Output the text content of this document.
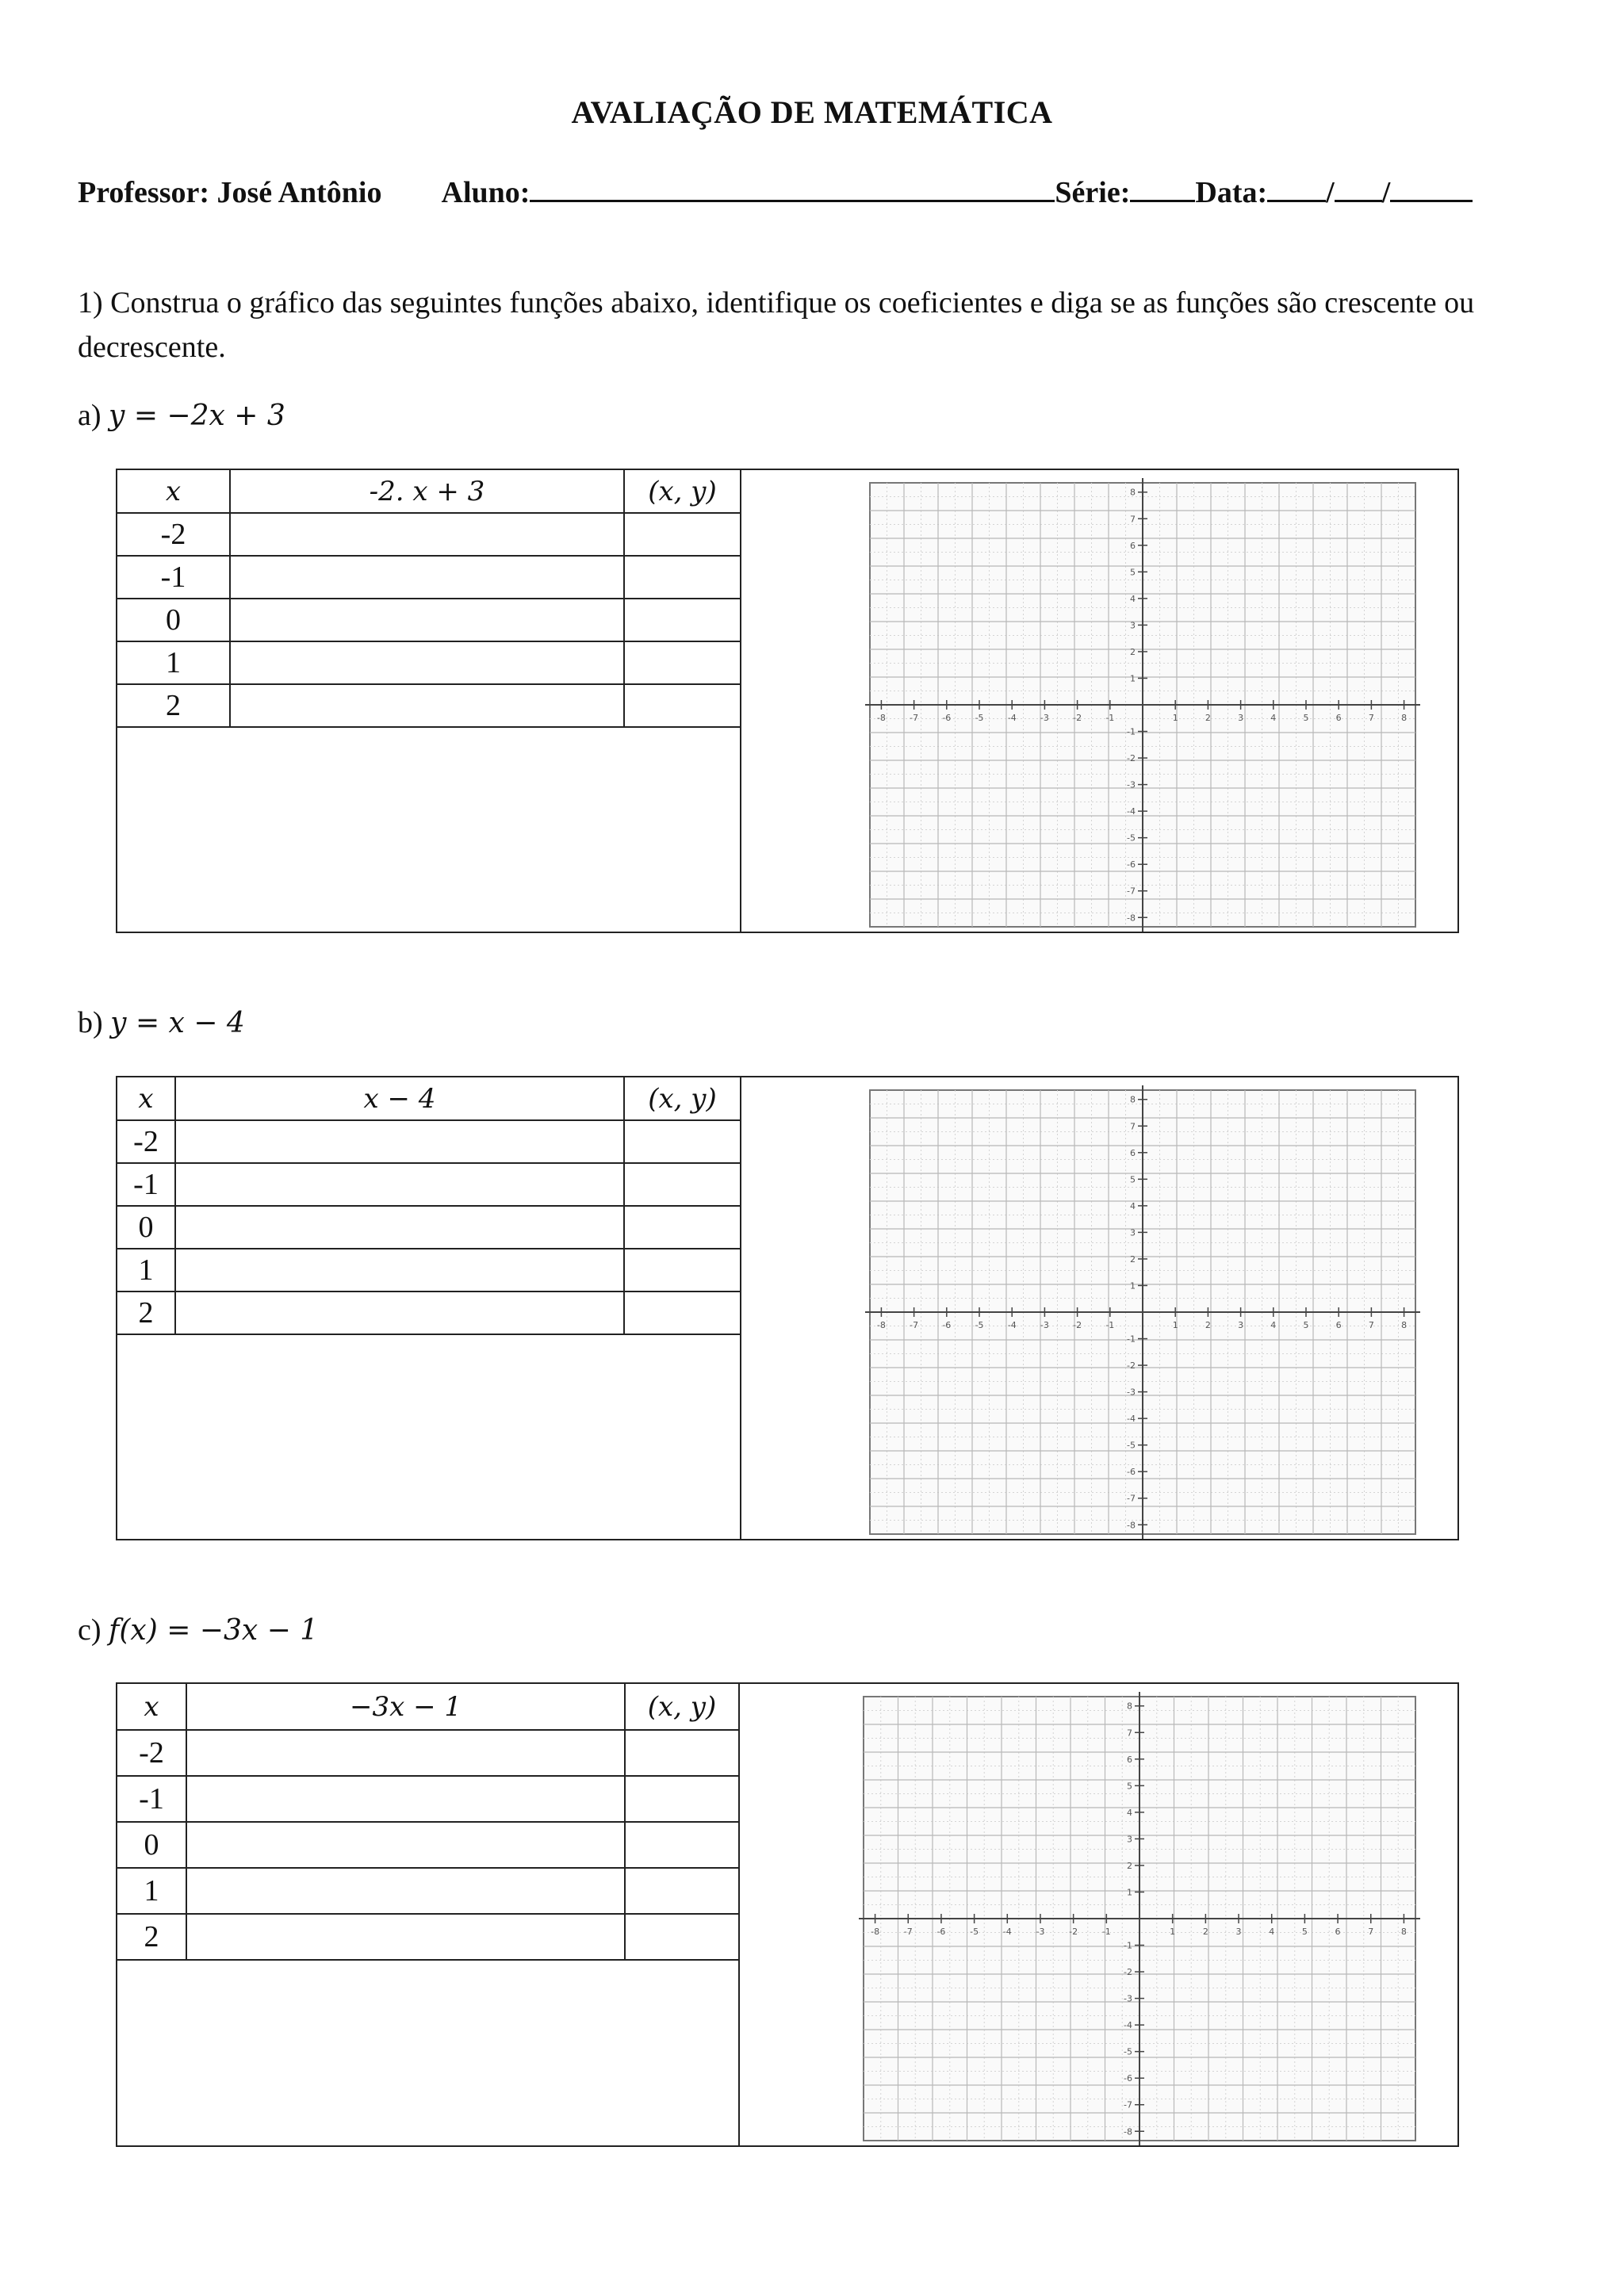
AVALIAÇÃO DE MATEMÁTICA
Professor: José Antônio Aluno:	Série: Data: / /
1) Construa o gráfico das seguintes funções abaixo, identifique os coeficientes e diga se as funções são crescente ou decrescente.
a) y = −2x + 3
x	-2. x + 3	(x, y)
-2		
-1		
0		
1		
2			-8	-7	-6	-5	-4	-3	-2	-1	1	2	3	4	5	6	7	8
8
7
6
5
4
3
2
1
-1
-2
-3
-4
-5
-6
-7
-8
b) y = x − 4
x	x − 4	(x, y)
-2		
-1		
0		
1		
2			-8	-7	-6	-5	-4	-3	-2	-1	1	2	3	4	5	6	7	8
8
7
6
5
4
3
2
1
-1
-2
-3
-4
-5
-6
-7
-8
c) f(x) = −3x − 1
x	−3x − 1	(x, y)
-2		
-1		
0		
1		
2			-8	-7	-6	-5	-4	-3	-2	-1	1	2	3	4	5	6	7	8
8
7
6
5
4
3
2
1
-1
-2
-3
-4
-5
-6
-7
-8
